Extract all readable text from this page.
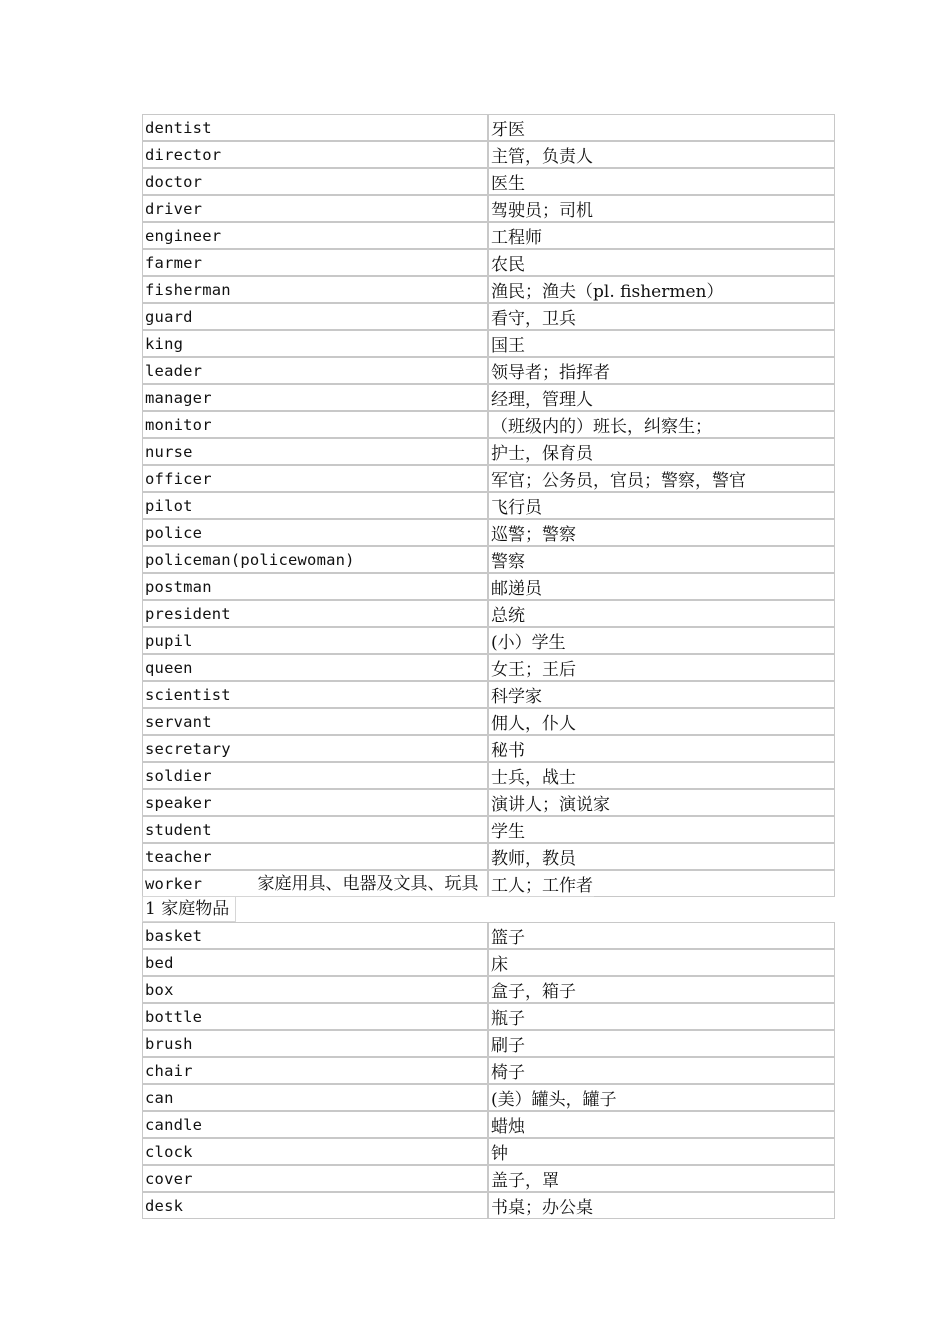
dentist	牙医
director	主管，负责人
doctor	医生
driver	驾驶员；司机
engineer	工程师
farmer	农民
fisherman	渔民；渔夫（pl. fishermen）
guard	看守，卫兵
king	国王
leader	领导者；指挥者
manager	经理，管理人
monitor	（班级内的）班长，纠察生；
nurse	护士，保育员
officer	军官；公务员，官员；警察，警官
pilot	飞行员
police	巡警；警察
policeman(policewoman)	警察
postman	邮递员
president	总统
pupil	(小）学生
queen	女王；王后
scientist	科学家
servant	佣人，仆人
secretary	秘书
soldier	士兵，战士
speaker	演讲人；演说家
student	学生
teacher	教师，教员
worker	工人；工作者
家庭用具、电器及文具、玩具
1 家庭物品
basket	篮子
bed	床
box	盒子，箱子
bottle	瓶子
brush	刷子
chair	椅子
can	(美）罐头，罐子
candle	蜡烛
clock	钟
cover	盖子，罩
desk	书桌；办公桌
